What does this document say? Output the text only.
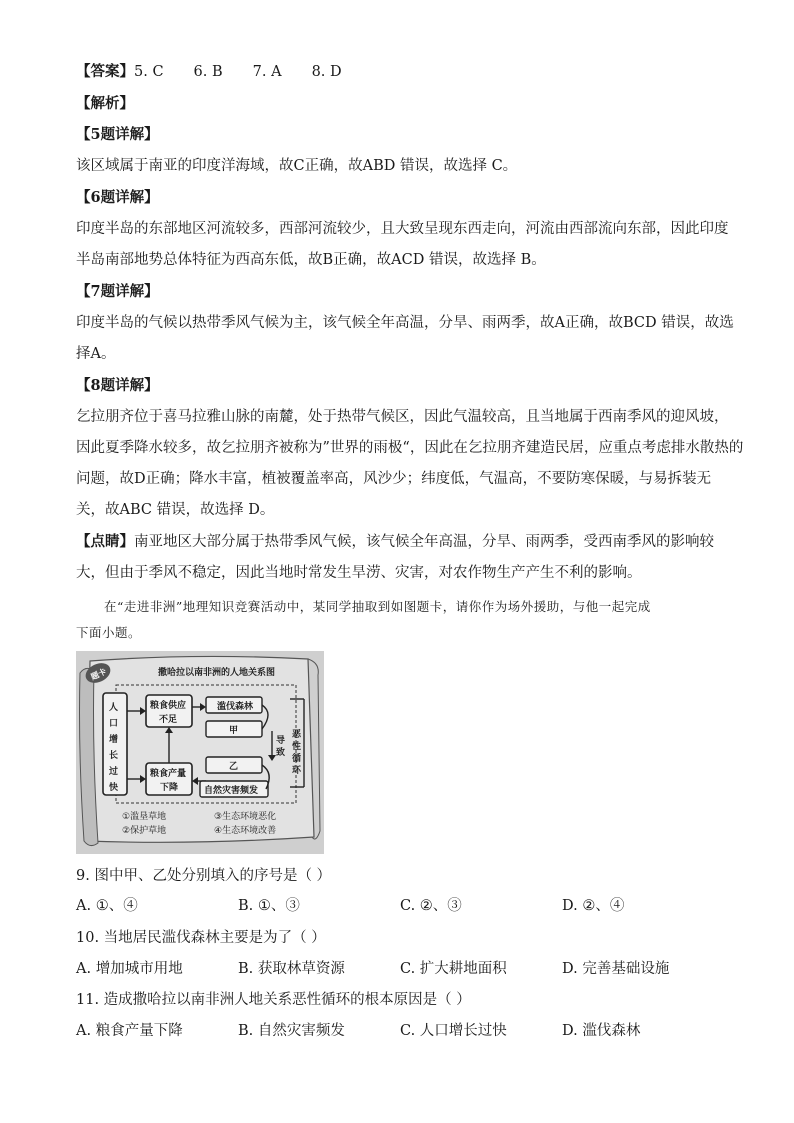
【答案】5. C 6. B 7. A 8. D
【解析】
【5题详解】
该区域属于南亚的印度洋海域，故C正确，故ABD 错误，故选择 C。
【6题详解】
印度半岛的东部地区河流较多，西部河流较少，且大致呈现东西走向，河流由西部流向东部，因此印度
半岛南部地势总体特征为西高东低，故B正确，故ACD 错误，故选择 B。
【7题详解】
印度半岛的气候以热带季风气候为主，该气候全年高温，分旱、雨两季，故A正确，故BCD 错误，故选
择A。
【8题详解】
乞拉朋齐位于喜马拉雅山脉的南麓，处于热带气候区，因此气温较高，且当地属于西南季风的迎风坡，
因此夏季降水较多，故乞拉朋齐被称为”世界的雨极“，因此在乞拉朋齐建造民居，应重点考虑排水散热的
问题，故D正确；降水丰富，植被覆盖率高，风沙少；纬度低，气温高，不要防寒保暖，与易拆装无
关，故ABC 错误，故选择 D。
【点睛】南亚地区大部分属于热带季风气候，该气候全年高温，分旱、雨两季，受西南季风的影响较
大，但由于季风不稳定，因此当地时常发生旱涝、灾害，对农作物生产产生不利的影响。
在“走进非洲”地理知识竞赛活动中，某同学抽取到如图题卡，请你作为场外援助，与他一起完成
下面小题。
题卡	撒哈拉以南非洲的人地关系图
人
口
增
长
过
快
粮食供应
不足
粮食产量
下降
滥伐森林
甲
乙
自然灾害频发
导
致
恶
性
循
环
①滥垦草地	③生态环境恶化
②保护草地	④生态环境改善
9. 图中甲、乙处分别填入的序号是（ ）
A. ①、④	B. ①、③	C. ②、③	D. ②、④
10. 当地居民滥伐森林主要是为了（ ）
A. 增加城市用地	B. 获取林草资源	C. 扩大耕地面积	D. 完善基础设施
11. 造成撒哈拉以南非洲人地关系恶性循环的根本原因是（ ）
A. 粮食产量下降	B. 自然灾害频发	C. 人口增长过快	D. 滥伐森林
